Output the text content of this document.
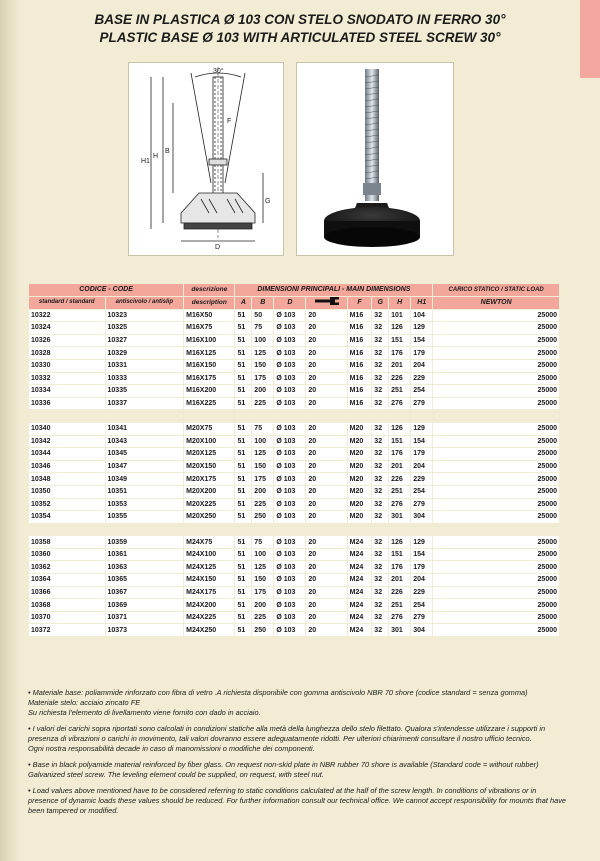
BASE IN PLASTICA Ø 103 CON STELO SNODATO IN FERRO 30°
PLASTIC BASE Ø 103 WITH ARTICULATED STEEL SCREW 30°
30°
B
H
H1
F
D
G
CODICE - CODE		descrizione	DIMENSIONI PRINCIPALI - MAIN DIMENSIONS								CARICO STATICO / STATIC LOAD
standard / standard	antiscivolo / antislip	description	A	B	D		F	G	H	H1	NEWTON
10322	10323	M16X50	51	50	Ø 103	20	M16	32	101	104	25000
10324	10325	M16X75	51	75	Ø 103	20	M16	32	126	129	25000
10326	10327	M16X100	51	100	Ø 103	20	M16	32	151	154	25000
10328	10329	M16X125	51	125	Ø 103	20	M16	32	176	179	25000
10330	10331	M16X150	51	150	Ø 103	20	M16	32	201	204	25000
10332	10333	M16X175	51	175	Ø 103	20	M16	32	226	229	25000
10334	10335	M16X200	51	200	Ø 103	20	M16	32	251	254	25000
10336	10337	M16X225	51	225	Ø 103	20	M16	32	276	279	25000

10340	10341	M20X75	51	75	Ø 103	20	M20	32	126	129	25000
10342	10343	M20X100	51	100	Ø 103	20	M20	32	151	154	25000
10344	10345	M20X125	51	125	Ø 103	20	M20	32	176	179	25000
10346	10347	M20X150	51	150	Ø 103	20	M20	32	201	204	25000
10348	10349	M20X175	51	175	Ø 103	20	M20	32	226	229	25000
10350	10351	M20X200	51	200	Ø 103	20	M20	32	251	254	25000
10352	10353	M20X225	51	225	Ø 103	20	M20	32	276	279	25000
10354	10355	M20X250	51	250	Ø 103	20	M20	32	301	304	25000

10358	10359	M24X75	51	75	Ø 103	20	M24	32	126	129	25000
10360	10361	M24X100	51	100	Ø 103	20	M24	32	151	154	25000
10362	10363	M24X125	51	125	Ø 103	20	M24	32	176	179	25000
10364	10365	M24X150	51	150	Ø 103	20	M24	32	201	204	25000
10366	10367	M24X175	51	175	Ø 103	20	M24	32	226	229	25000
10368	10369	M24X200	51	200	Ø 103	20	M24	32	251	254	25000
10370	10371	M24X225	51	225	Ø 103	20	M24	32	276	279	25000
10372	10373	M24X250	51	250	Ø 103	20	M24	32	301	304	25000

• Materiale base: poliammide rinforzato con fibra di vetro .A richiesta disponibile con gomma antiscivolo NBR 70 shore (codice standard = senza gomma)
Materiale stelo: acciaio zincato FE
Su richiesta l'elemento di livellamento viene fornito con dado in acciaio.

• I valori dei carichi sopra riportati sono calcolati in condizioni statiche alla metà della lunghezza dello stelo filettato. Qualora s'intendesse utilizzare i supporti in presenza di vibrazioni o carichi in movimento, tali valori dovranno essere adeguatamente ridotti. Per ulteriori chiarimenti consultare il nostro ufficio tecnico.
Ogni nostra responsabilità decade in caso di manomissioni o modifiche dei componenti.

• Base in black polyamide material reinforced by fiber glass. On request non-skid plate in NBR rubber 70 shore is available (Standard code = without rubber)
Galvanized steel screw. The leveling element could be supplied, on request, with steel nut.

• Load values above mentioned have to be considered referring to static conditions calculated at the half of the screw length. In conditions of vibrations or in presence of dynamic loads these values should be reduced. For further information consult our technical office. We cannot accept responsibility for mounts that have been tampered or modified.
